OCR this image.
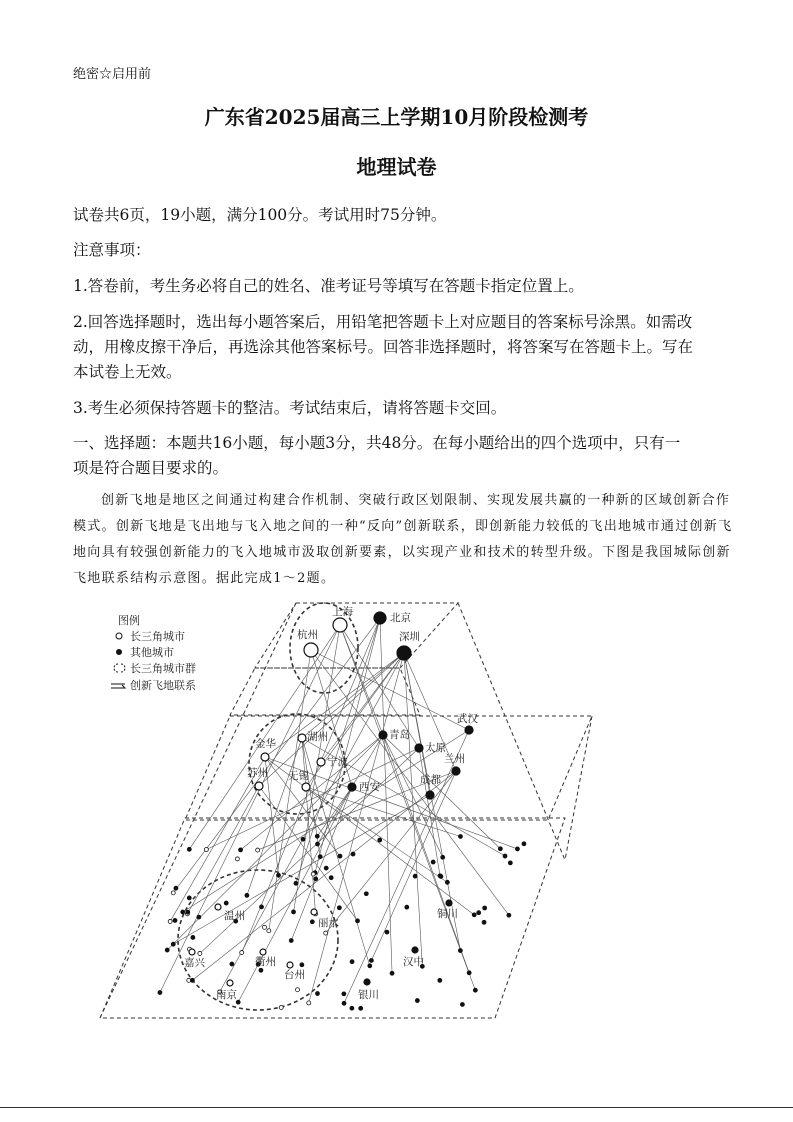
绝密☆启用前
广东省2025届高三上学期10月阶段检测考
地理试卷
试卷共6页，19小题，满分100分。考试用时75分钟。
注意事项：
1.答卷前，考生务必将自己的姓名、准考证号等填写在答题卡指定位置上。
2.回答选择题时，选出每小题答案后，用铅笔把答题卡上对应题目的答案标号涂黑。如需改
动，用橡皮擦干净后，再选涂其他答案标号。回答非选择题时，将答案写在答题卡上。写在
本试卷上无效。
3.考生必须保持答题卡的整洁。考试结束后，请将答题卡交回。
一、选择题：本题共16小题，每小题3分，共48分。在每小题给出的四个选项中，只有一
项是符合题目要求的。
创新飞地是地区之间通过构建合作机制、突破行政区划限制、实现发展共赢的一种新的区域创新合作模式。创新飞地是飞出地与飞入地之间的一种“反向”创新联系，即创新能力较低的飞出地城市通过创新飞地向具有较强创新能力的飞入地城市汲取创新要素，以实现产业和技术的转型升级。下图是我国城际创新飞地联系结构示意图。据此完成1～2题。
上海	北京
杭州	深圳
武汉
金华
湖州	青岛
太原
兰州
宁波
苏州 无锡
西安
成都
温州
丽水
铜川
嘉兴	衢州
台州
汉中
南京	银川
图例
长三角城市
其他城市
长三角城市群
创新飞地联系
